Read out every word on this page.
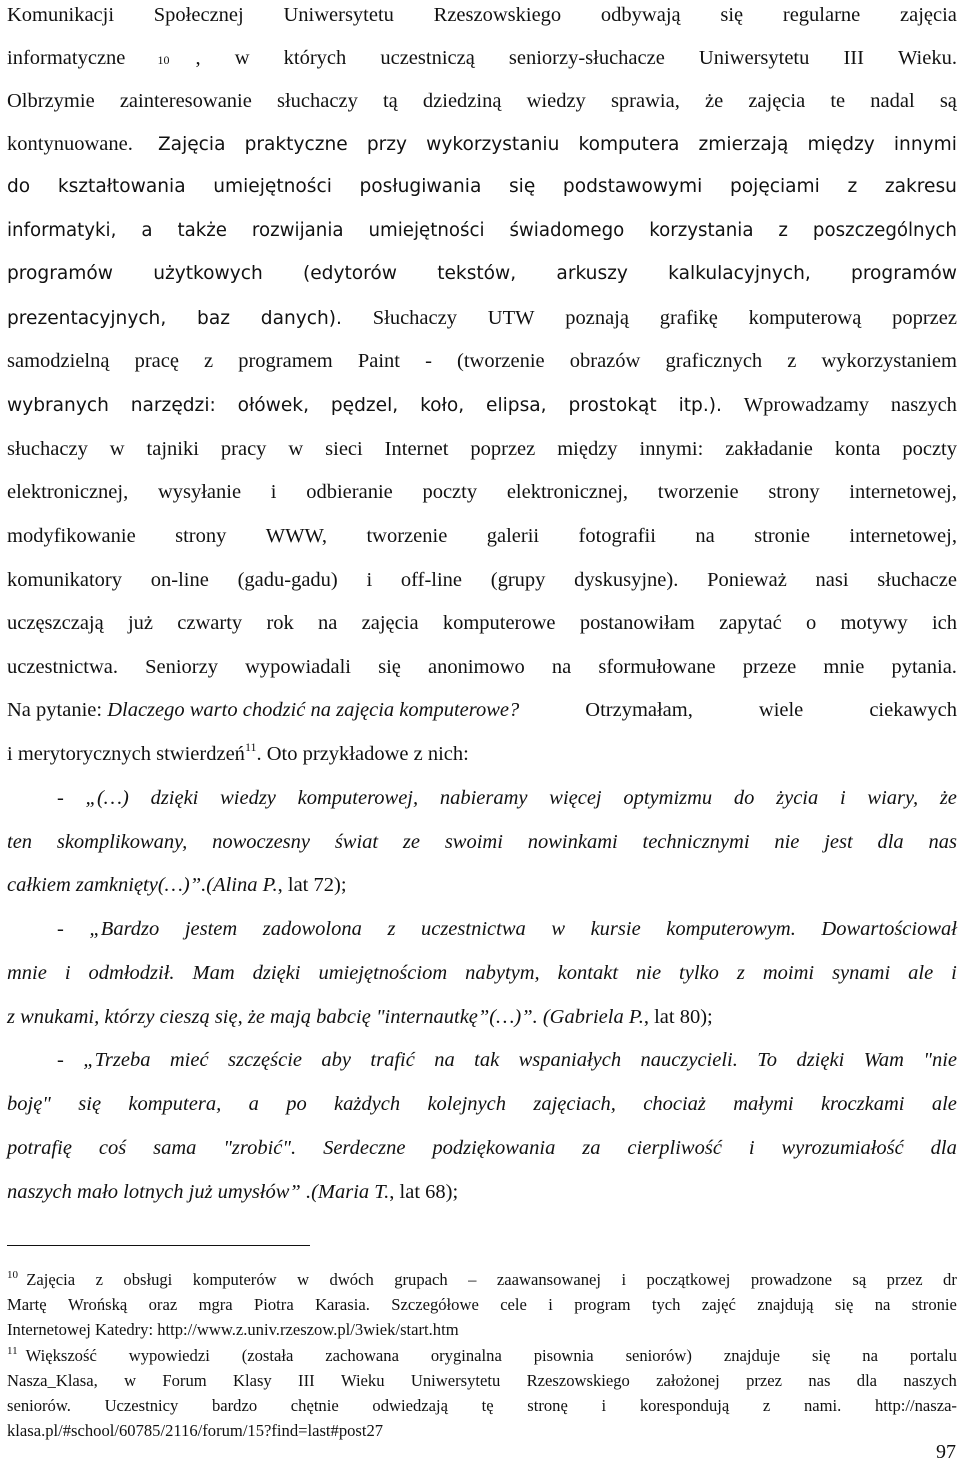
Komunikacji Społecznej Uniwersytetu Rzeszowskiego odbywają się regularne zajęcia
informatyczne	10 , w których uczestniczą seniorzy-słuchacze Uniwersytetu III Wieku.
Olbrzymie zainteresowanie słuchaczy tą dziedziną wiedzy sprawia, że zajęcia te nadal są
kontynuowane. Zajęcia praktyczne przy wykorzystaniu komputera zmierzają między innymi
do kształtowania umiejętności posługiwania się podstawowymi pojęciami z zakresu
informatyki, a także rozwijania umiejętności świadomego korzystania z poszczególnych
programów użytkowych (edytorów tekstów, arkuszy kalkulacyjnych, programów
prezentacyjnych, baz danych). Słuchaczy UTW poznają grafikę komputerową poprzez
samodzielną pracę z programem Paint - (tworzenie obrazów graficznych z wykorzystaniem
wybranych narzędzi: ołówek, pędzel, koło, elipsa, prostokąt itp.). Wprowadzamy naszych
słuchaczy w tajniki pracy w sieci Internet poprzez między innymi: zakładanie konta poczty
elektronicznej, wysyłanie i odbieranie poczty elektronicznej, tworzenie strony internetowej,
modyfikowanie strony WWW, tworzenie galerii fotografii na stronie internetowej,
komunikatory on-line (gadu-gadu) i off-line (grupy dyskusyjne). Ponieważ nasi słuchacze
uczęszczają już czwarty rok na zajęcia komputerowe postanowiłam zapytać o motywy ich
uczestnictwa. Seniorzy wypowiadali się anonimowo na sformułowane przeze mnie pytania.
Na pytanie: Dlaczego warto chodzić na zajęcia komputerowe?	Otrzymałam,	wiele	ciekawych
i merytorycznych stwierdzeń$^{11}$. Oto przykładowe z nich:
- „(…) dzięki wiedzy komputerowej, nabieramy więcej optymizmu do życia i wiary, że
ten skomplikowany, nowoczesny świat ze swoimi nowinkami technicznymi nie jest dla nas
całkiem zamknięty(…)”.(Alina P., lat 72);
- „Bardzo jestem zadowolona z uczestnictwa w kursie komputerowym. Dowartościował
mnie i odmłodził. Mam dzięki umiejętnościom nabytym, kontakt nie tylko z moimi synami ale i
z wnukami, którzy cieszą się, że mają babcię "internautkę”(…)”. (Gabriela P., lat 80);
- „Trzeba mieć szczęście aby trafić na tak wspaniałych nauczycieli. To dzięki Wam "nie
boję" się komputera, a po każdych kolejnych zajęciach, chociaż małymi kroczkami ale
potrafię coś sama "zrobić". Serdeczne podziękowania za cierpliwość i wyrozumiałość dla
naszych mało lotnych już umysłów” .(Maria T., lat 68);
$^{10}$ Zajęcia z obsługi komputerów w dwóch grupach – zaawansowanej i początkowej prowadzone są przez dr
Martę Wrońską oraz mgra Piotra Karasia. Szczegółowe cele i program tych zajęć znajdują się na stronie
Internetowej Katedry: http://www.z.univ.rzeszow.pl/3wiek/start.htm
$^{11}$ Większość wypowiedzi (została zachowana oryginalna pisownia seniorów) znajduje się na portalu
Nasza_Klasa, w Forum Klasy III Wieku Uniwersytetu Rzeszowskiego założonej przez nas dla naszych
seniorów. Uczestnicy bardzo chętnie odwiedzają tę stronę i korespondują z nami. http://nasza-
klasa.pl/#school/60785/2116/forum/15?find=last#post27
97
